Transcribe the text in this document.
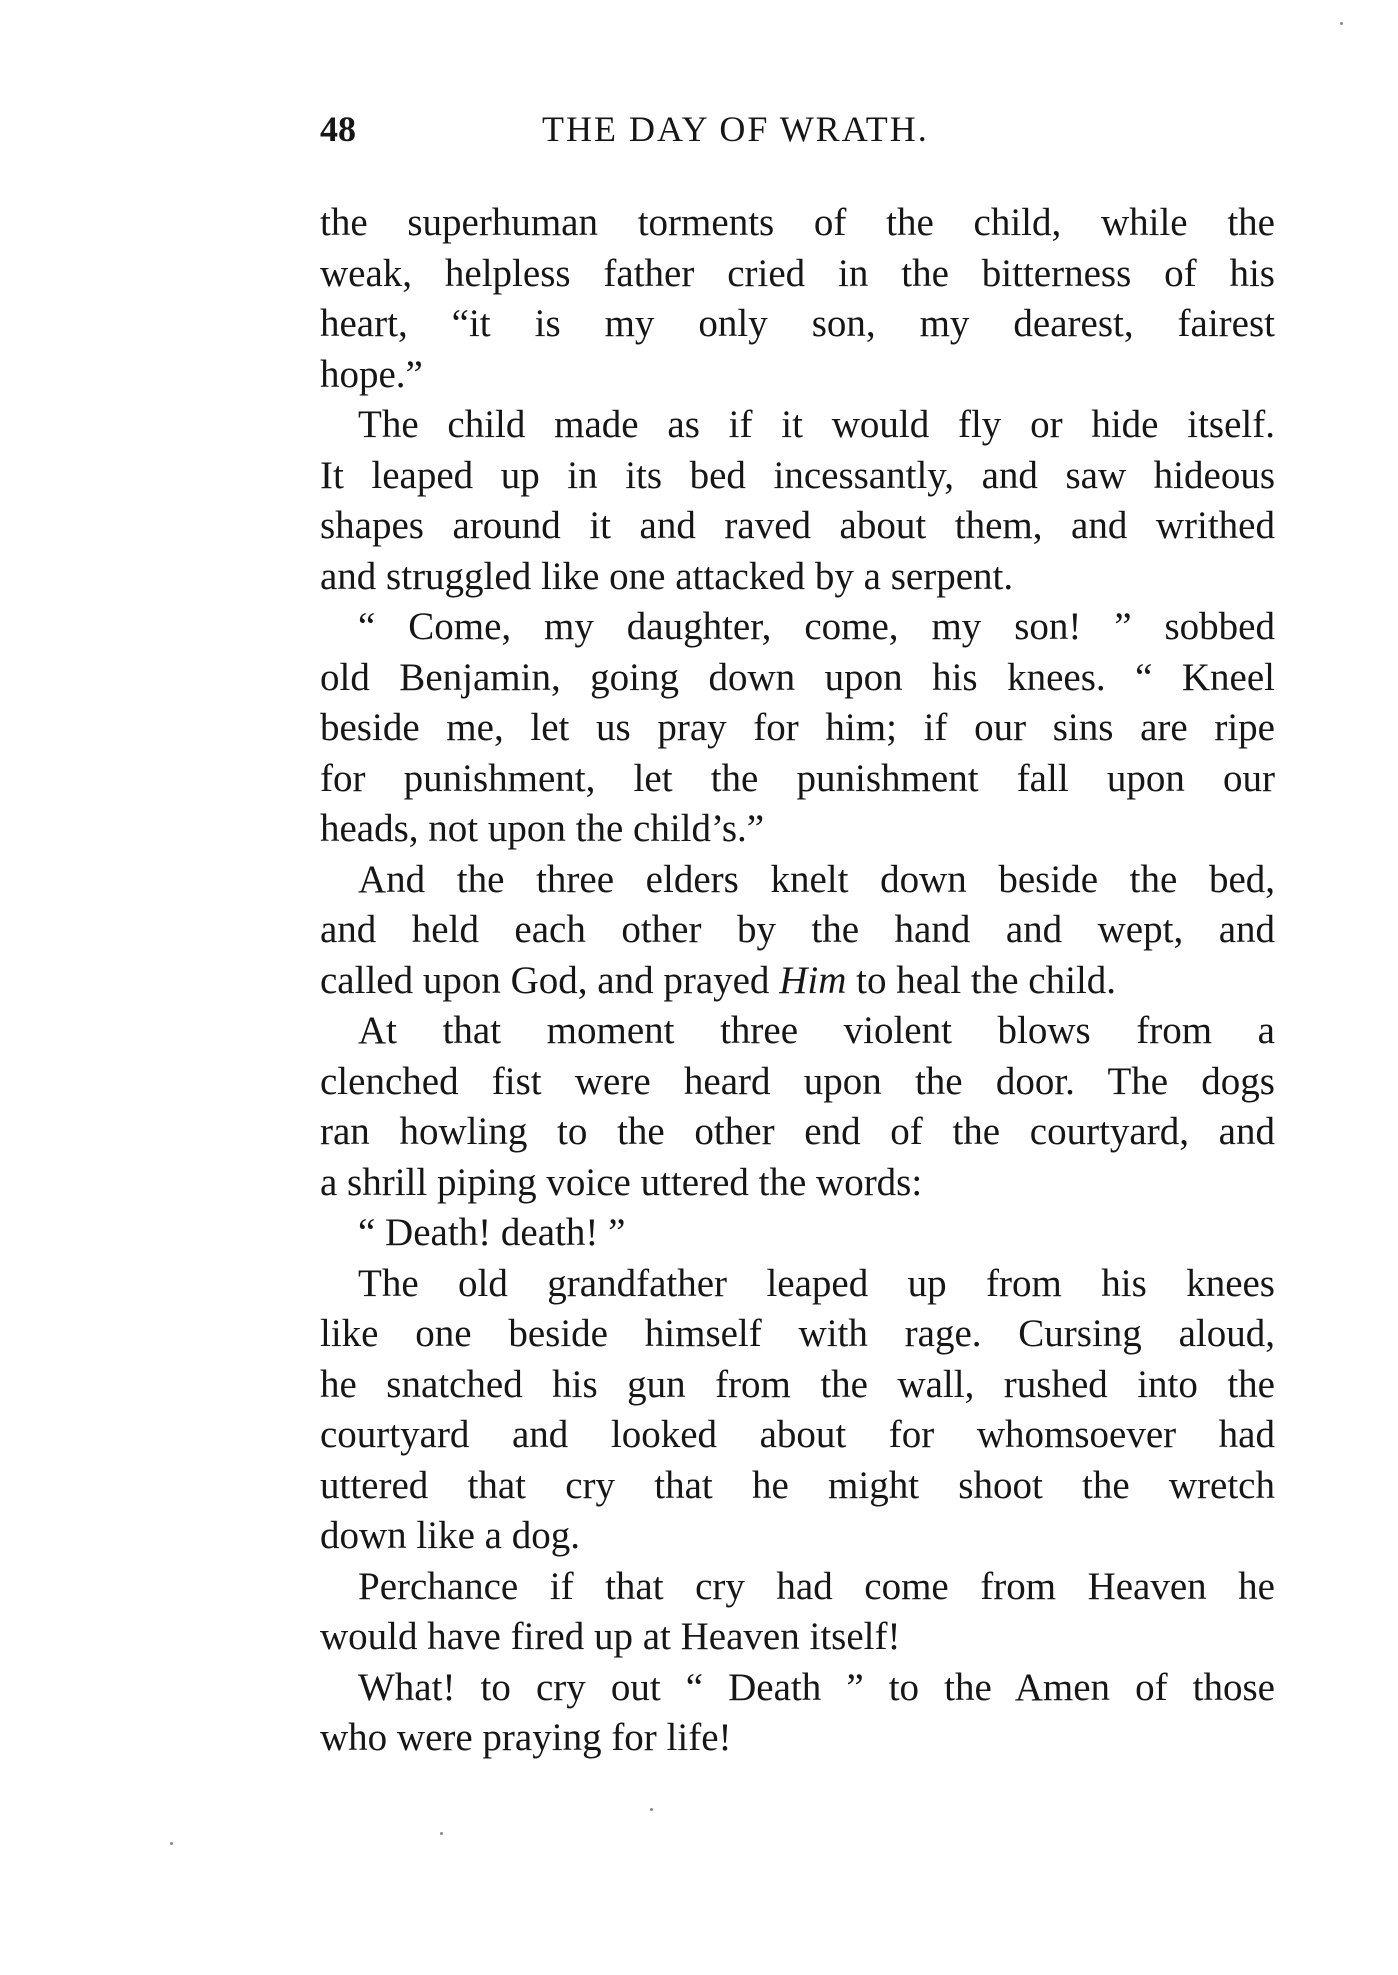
48	THE DAY OF WRATH.

the superhuman torments of the child, while the
weak, helpless father cried in the bitterness of his
heart, “it is my only son, my dearest, fairest
hope.”

The child made as if it would fly or hide itself.
It leaped up in its bed incessantly, and saw hideous
shapes around it and raved about them, and writhed
and struggled like one attacked by a serpent.

“ Come, my daughter, come, my son! ” sobbed
old Benjamin, going down upon his knees. “ Kneel
beside me, let us pray for him; if our sins are ripe
for punishment, let the punishment fall upon our
heads, not upon the child’s.”

And the three elders knelt down beside the bed,
and held each other by the hand and wept, and
called upon God, and prayed Him to heal the child.

At that moment three violent blows from a
clenched fist were heard upon the door. The dogs
ran howling to the other end of the courtyard, and
a shrill piping voice uttered the words:

“ Death! death! ”

The old grandfather leaped up from his knees
like one beside himself with rage. Cursing aloud,
he snatched his gun from the wall, rushed into the
courtyard and looked about for whomsoever had
uttered that cry that he might shoot the wretch
down like a dog.

Perchance if that cry had come from Heaven he
would have fired up at Heaven itself!

What! to cry out “ Death ” to the Amen of those
who were praying for life!
